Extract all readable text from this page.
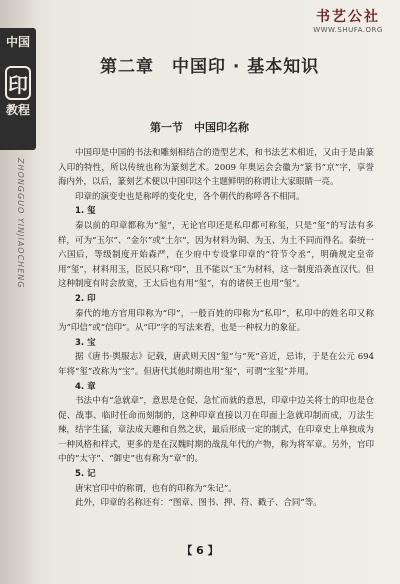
中国
印
教程
ZHONGGUO YINJIAOCHENG
书艺公社
WWW.SHUFA.ORG
第二章　中国印 · 基本知识
第一节　中国印名称

中国印是中国的书法和雕刻相结合的造型艺术，和书法艺术相近，又由于是由篆入印的特性，所以传统也称为篆刻艺术。2009 年奥运会会徽为“篆书“京”字，享誉海内外，以后，篆刻艺术便以中国印这个主题鲜明的称谓让大家眼睛一亮。

印章的演变史也是称呼的变化史，各个朝代的称呼各不相同。

1. 玺

秦以前的印章都称为“玺”，无论官印还是私印都可称玺，只是“玺”的写法有多样，可为“玉尔”、“金尔”或“土尔”，因为材料为铜、为玉、为土不同而得名。秦统一六国后，等级制度开始森严，在少府中专设掌印章的“符节令丞”，明确规定皇帝用“玺”，材料用玉，臣民只称“印”，且不能以“玉”为材料，这一制度沿袭直汉代。但这种制度有时会放宽，王太后也有用“玺”，有的诸侯王也用“玺”。

2. 印

秦代的地方官用印称为“印”，一般百姓的印称为“私印”，私印中的姓名印又称为“印信”或“信印”。从“印”字的写法来看，也是一种权力的象征。

3. 宝

据《唐书·舆服志》记载，唐武则天因“玺”与“死”音近，忌讳，于是在公元 694 年将“玺”改称为“宝”。但唐代其他时期也用“玺”，可谓“宝玺”并用。

4. 章

书法中有“急就章”，意思是仓促、急忙而就的意思，印章中边关将士的印也是仓促、战事、临时任命而刻制的，这种印章直接以刀在印面上急就印制而成，刀法生辣，结字生猛，章法成天趣和自然之状，最后形成一定的制式，在印章史上单独成为一种风格和样式，更多的是在汉魏时期的战乱年代的产物，称为将军章。另外，官印中的“太守”、“御史”也有称为“章”的。

5. 记

唐宋官印中的称谓，也有的印称为“朱记”。

此外，印章的名称还有：“图章、图书、押、符、戳子、合同”等。

【 6 】
